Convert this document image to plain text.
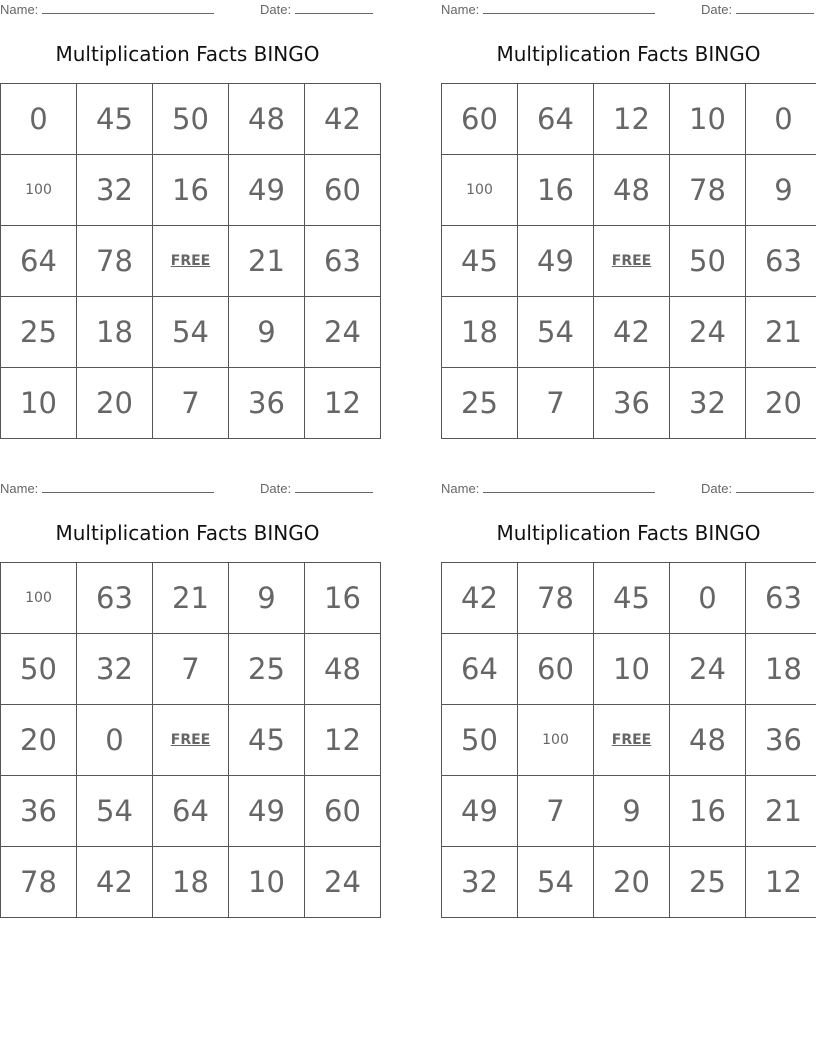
Name:	Date:
Multiplication Facts BINGO
0	45	50	48	42
100	32	16	49	60
64	78	FREE	21	63
25	18	54	9	24
10	20	7	36	12
Name:	Date:
Multiplication Facts BINGO
60	64	12	10	0
100	16	48	78	9
45	49	FREE	50	63
18	54	42	24	21
25	7	36	32	20
Name:	Date:
Multiplication Facts BINGO
100	63	21	9	16
50	32	7	25	48
20	0	FREE	45	12
36	54	64	49	60
78	42	18	10	24
Name:	Date:
Multiplication Facts BINGO
42	78	45	0	63
64	60	10	24	18
50	100	FREE	48	36
49	7	9	16	21
32	54	20	25	12
